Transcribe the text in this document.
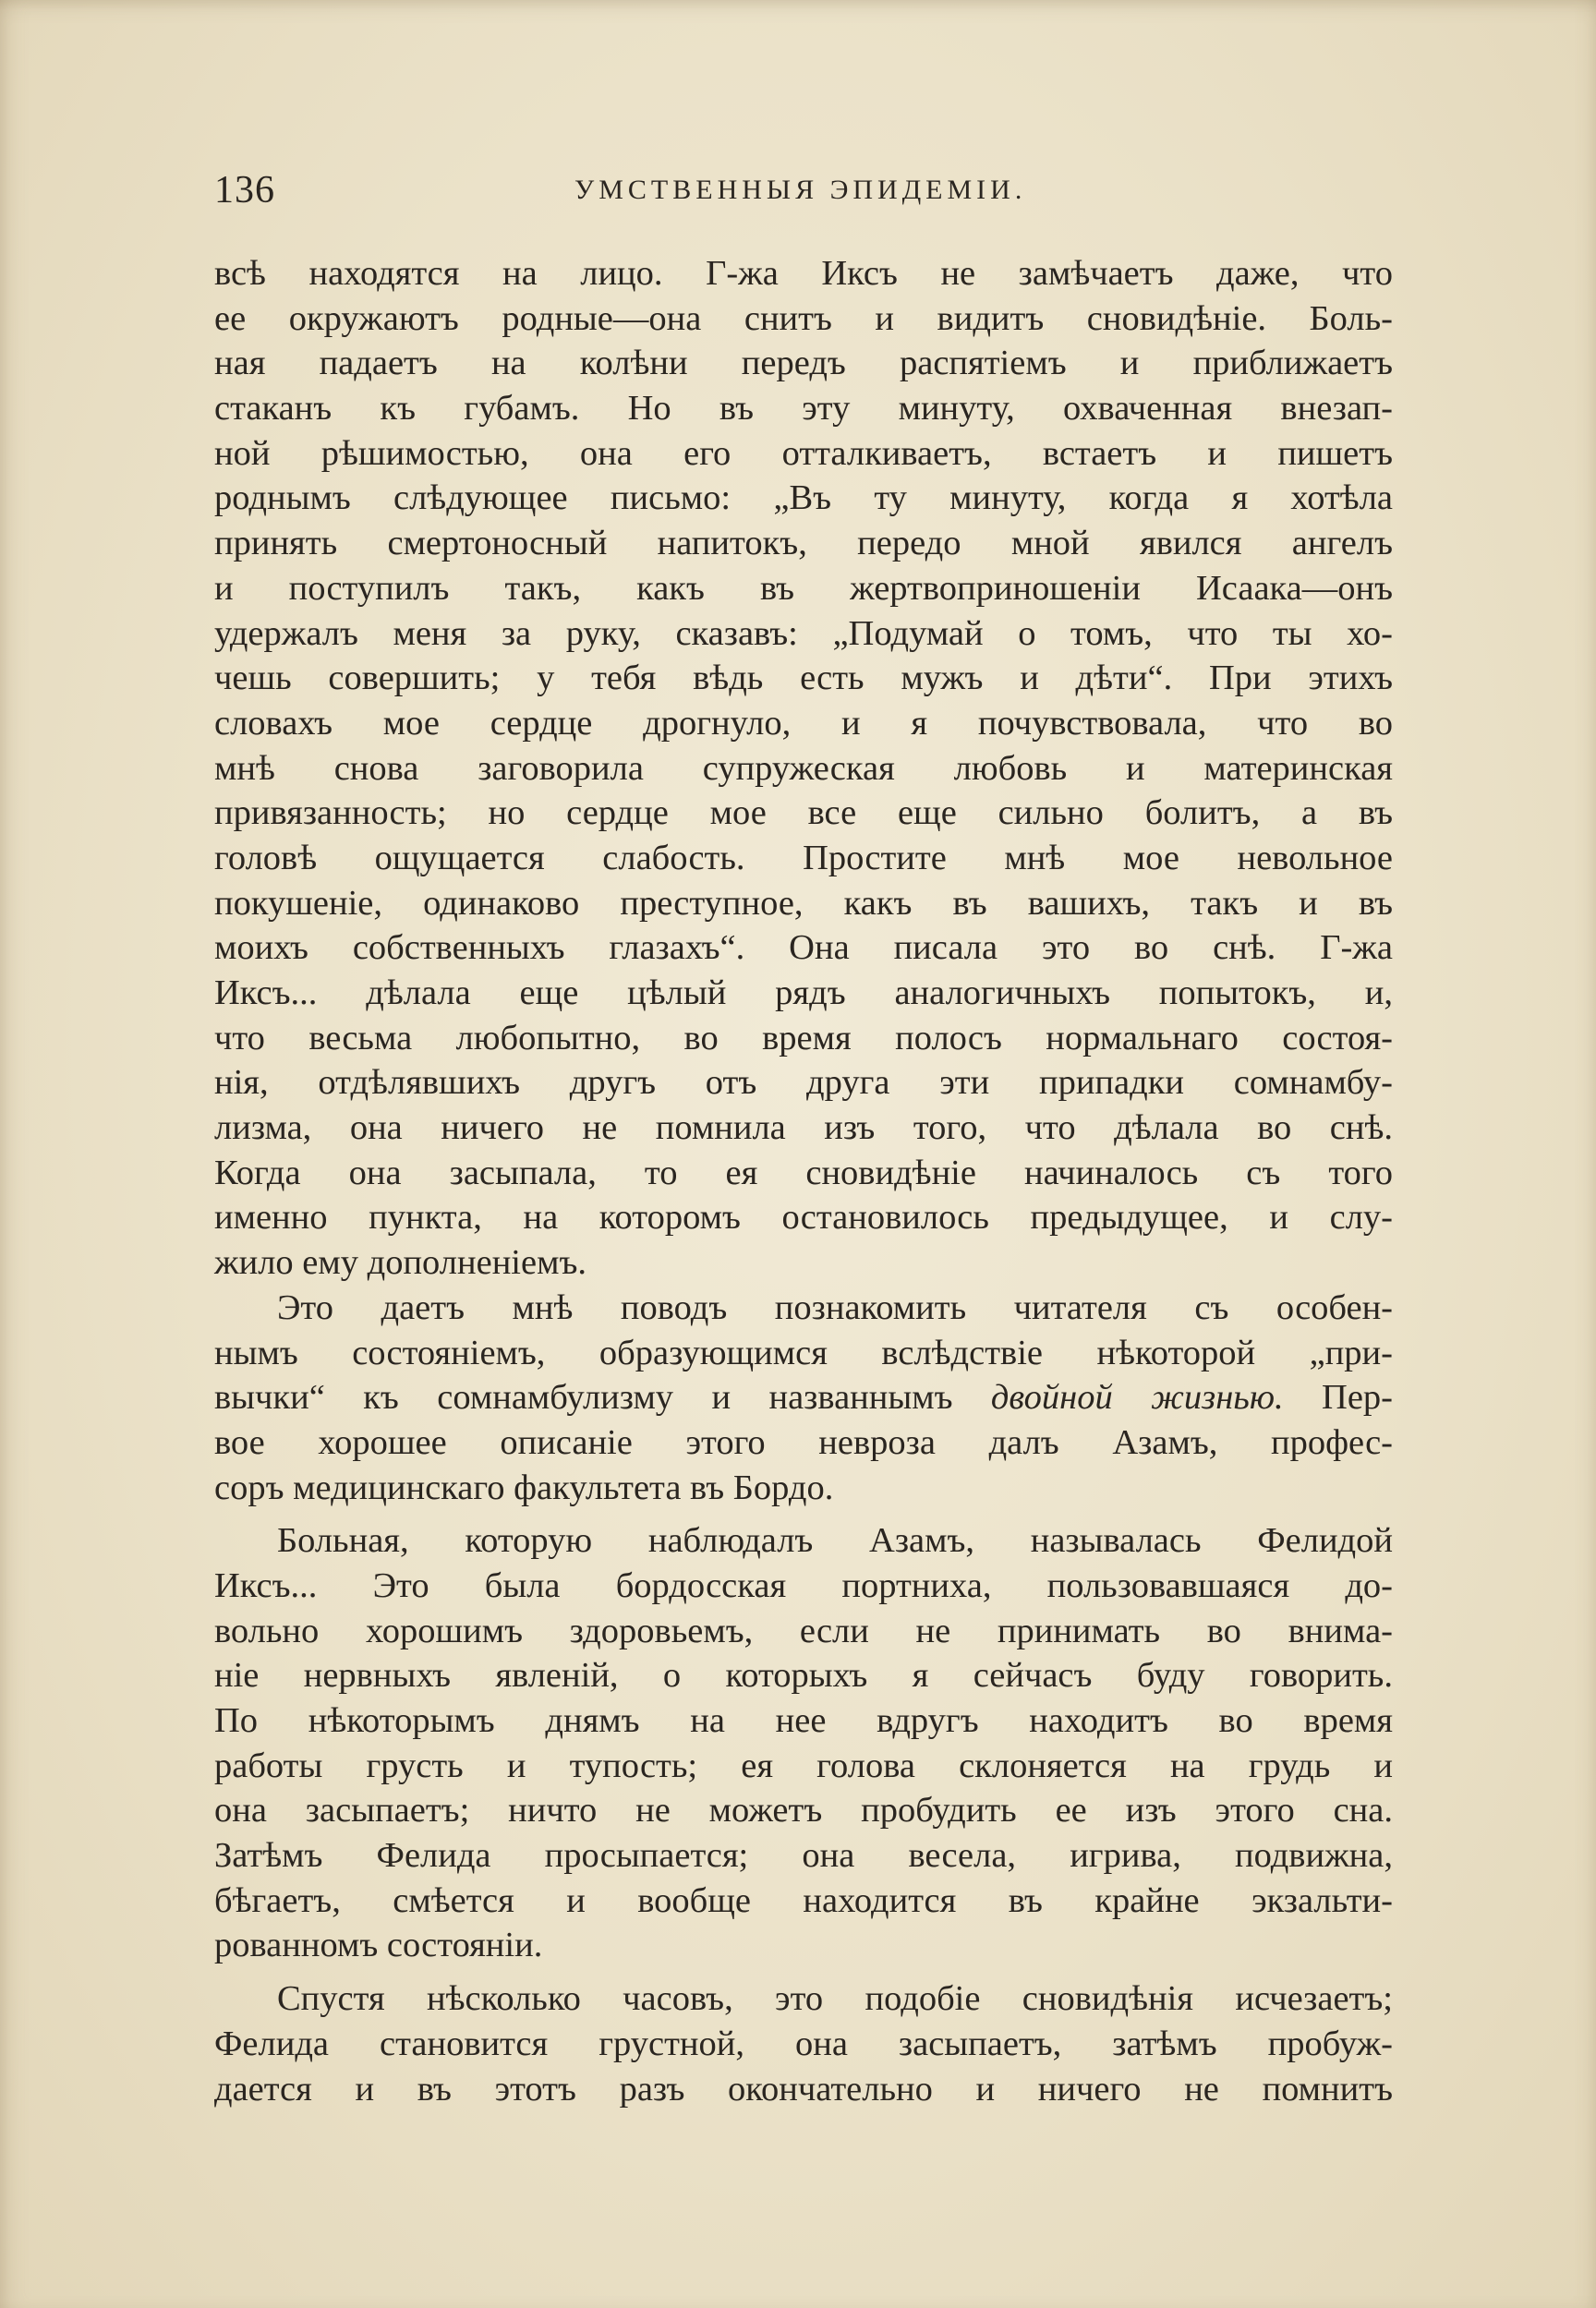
136	УМСТВЕННЫЯ ЭПИДЕМIИ.
всѣ находятся на лицо. Г-жа Иксъ не замѣчаетъ даже, что
ее окружаютъ родные—она снитъ и видитъ сновидѣнie. Боль-
ная падаетъ на колѣни передъ распятiемъ и приближаетъ
стаканъ къ губамъ. Но въ эту минуту, охваченная внезап-
ной рѣшимостью, она его отталкиваетъ, встаетъ и пишетъ
роднымъ слѣдующее письмо: „Въ ту минуту, когда я хотѣла
принять смертоносный напитокъ, передо мной явился ангелъ
и поступилъ такъ, какъ въ жертвоприношенiи Исаака—онъ
удержалъ меня за руку, сказавъ: „Подумай о томъ, что ты хо-
чешь совершить; у тебя вѣдь есть мужъ и дѣти“. При этихъ
словахъ мое сердце дрогнуло, и я почувствовала, что во
мнѣ снова заговорила супружеская любовь и материнская
привязанность; но сердце мое все еще сильно болитъ, а въ
головѣ ощущается слабость. Простите мнѣ мое невольное
покушенie, одинаково преступное, какъ въ вашихъ, такъ и въ
моихъ собственныхъ глазахъ“. Она писала это во снѣ. Г-жа
Иксъ... дѣлала еще цѣлый рядъ аналогичныхъ попытокъ, и,
что весьма любопытно, во время полосъ нормальнаго состоя-
нiя, отдѣлявшихъ другъ отъ друга эти припадки сомнамбу-
лизма, она ничего не помнила изъ того, что дѣлала во снѣ.
Когда она засыпала, то ея сновидѣнie начиналось съ того
именно пункта, на которомъ остановилось предыдущее, и слу-
жило ему дополненiемъ.
Это даетъ мнѣ поводъ познакомить читателя съ особен-
нымъ состоянiемъ, образующимся вслѣдствiе нѣкоторой „при-
вычки“ къ сомнамбулизму и названнымъ двойной жизнью. Пер-
вое хорошее описанie этого невроза далъ Азамъ, профес-
соръ медицинскаго факультета въ Бордо.
Больная, которую наблюдалъ Азамъ, называлась Фелидой
Иксъ... Это была бордосская портниха, пользовавшаяся до-
вольно хорошимъ здоровьемъ, если не принимать во внима-
нie нервныхъ явленiй, о которыхъ я сейчасъ буду говорить.
По нѣкоторымъ днямъ на нее вдругъ находитъ во время
работы грусть и тупость; ея голова склоняется на грудь и
она засыпаетъ; ничто не можетъ пробудить ее изъ этого сна.
Затѣмъ Фелида просыпается; она весела, игрива, подвижна,
бѣгаетъ, смѣется и вообще находится въ крайне экзальти-
рованномъ состоянiи.
Спустя нѣсколько часовъ, это подобie сновидѣнiя исчезаетъ;
Фелида становится грустной, она засыпаетъ, затѣмъ пробуж-
дается и въ этотъ разъ окончательно и ничего не помнитъ
